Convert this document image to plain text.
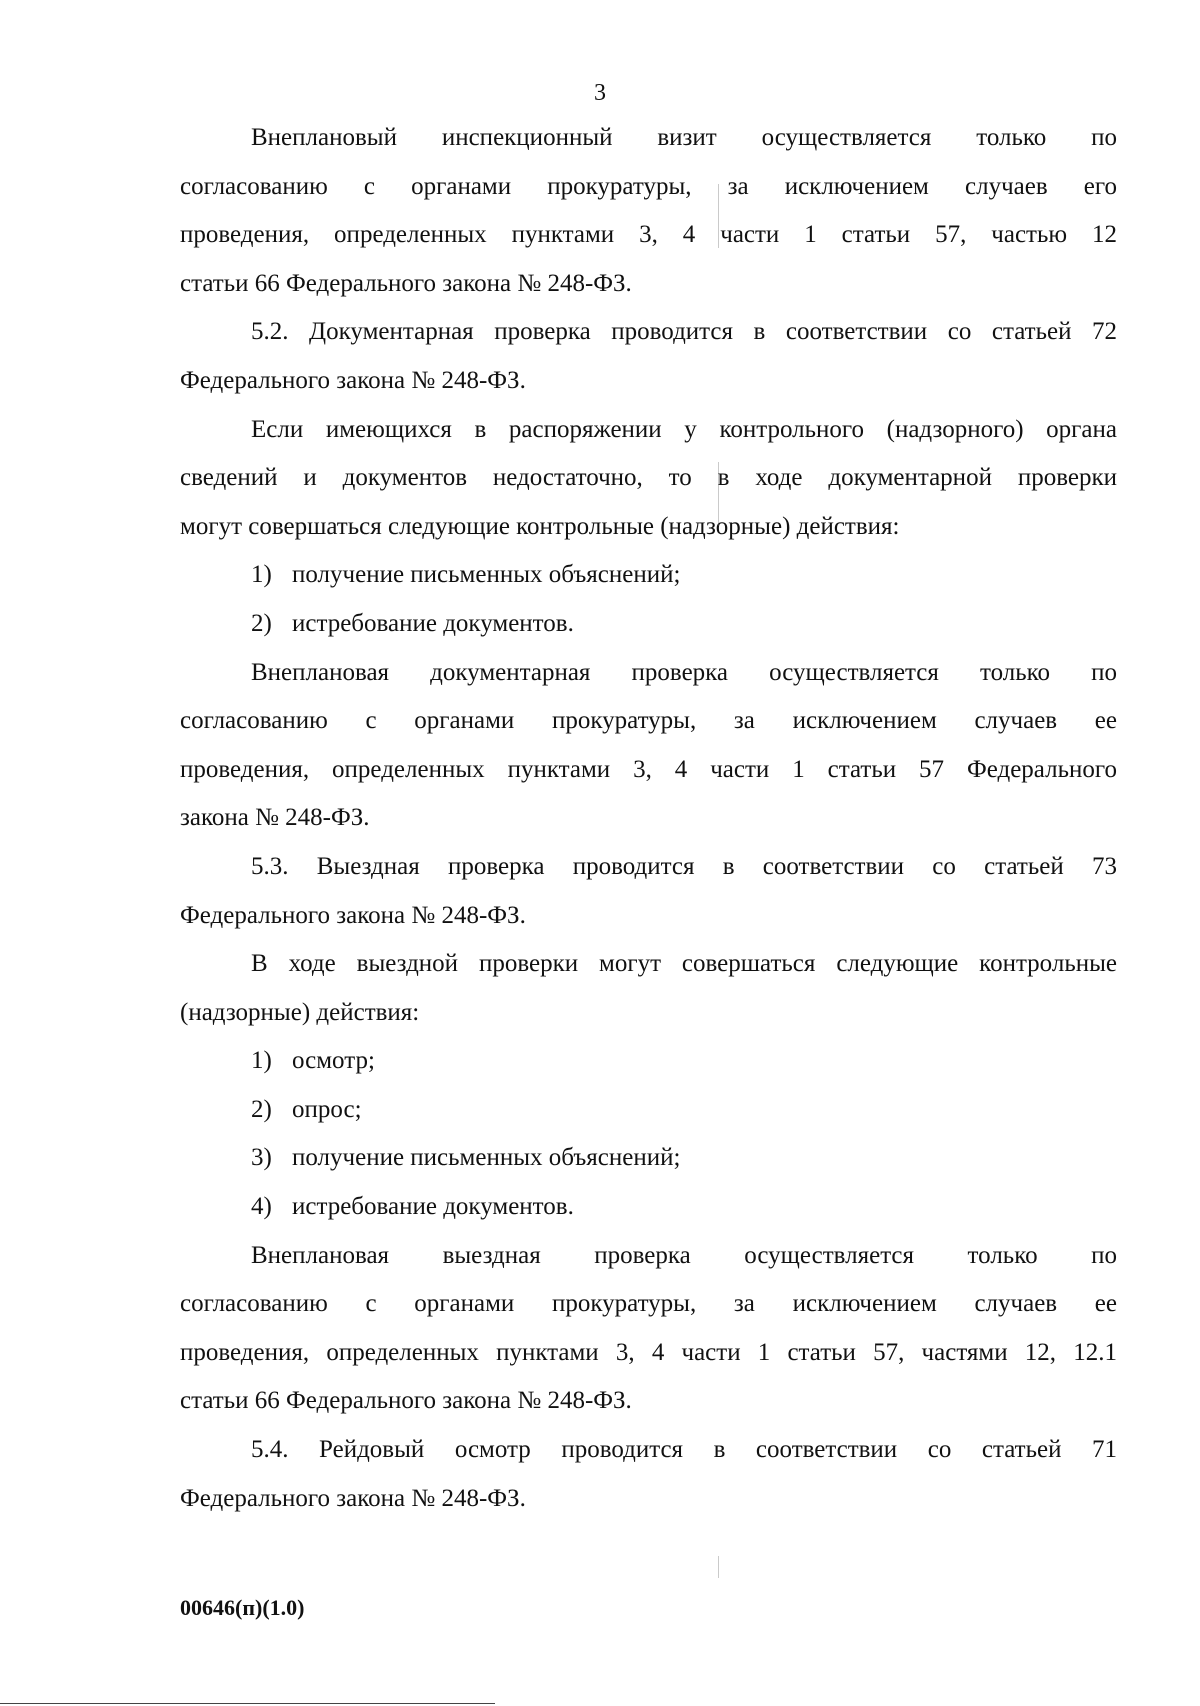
3
Внеплановый инспекционный визит осуществляется только по
согласованию с органами прокуратуры, за исключением случаев его
проведения, определенных пунктами 3, 4 части 1 статьи 57, частью 12
статьи 66 Федерального закона № 248-ФЗ.
5.2. Документарная проверка проводится в соответствии со статьей 72
Федерального закона № 248-ФЗ.
Если имеющихся в распоряжении у контрольного (надзорного) органа
сведений и документов недостаточно, то в ходе документарной проверки
могут совершаться следующие контрольные (надзорные) действия:
1) получение письменных объяснений;
2) истребование документов.
Внеплановая документарная проверка осуществляется только по
согласованию с органами прокуратуры, за исключением случаев ее
проведения, определенных пунктами 3, 4 части 1 статьи 57 Федерального
закона № 248-ФЗ.
5.3. Выездная проверка проводится в соответствии со статьей 73
Федерального закона № 248-ФЗ.
В ходе выездной проверки могут совершаться следующие контрольные
(надзорные) действия:
1) осмотр;
2) опрос;
3) получение письменных объяснений;
4) истребование документов.
Внеплановая выездная проверка осуществляется только по
согласованию с органами прокуратуры, за исключением случаев ее
проведения, определенных пунктами 3, 4 части 1 статьи 57, частями 12, 12.1
статьи 66 Федерального закона № 248-ФЗ.
5.4. Рейдовый осмотр проводится в соответствии со статьей 71
Федерального закона № 248-ФЗ.
00646(п)(1.0)
